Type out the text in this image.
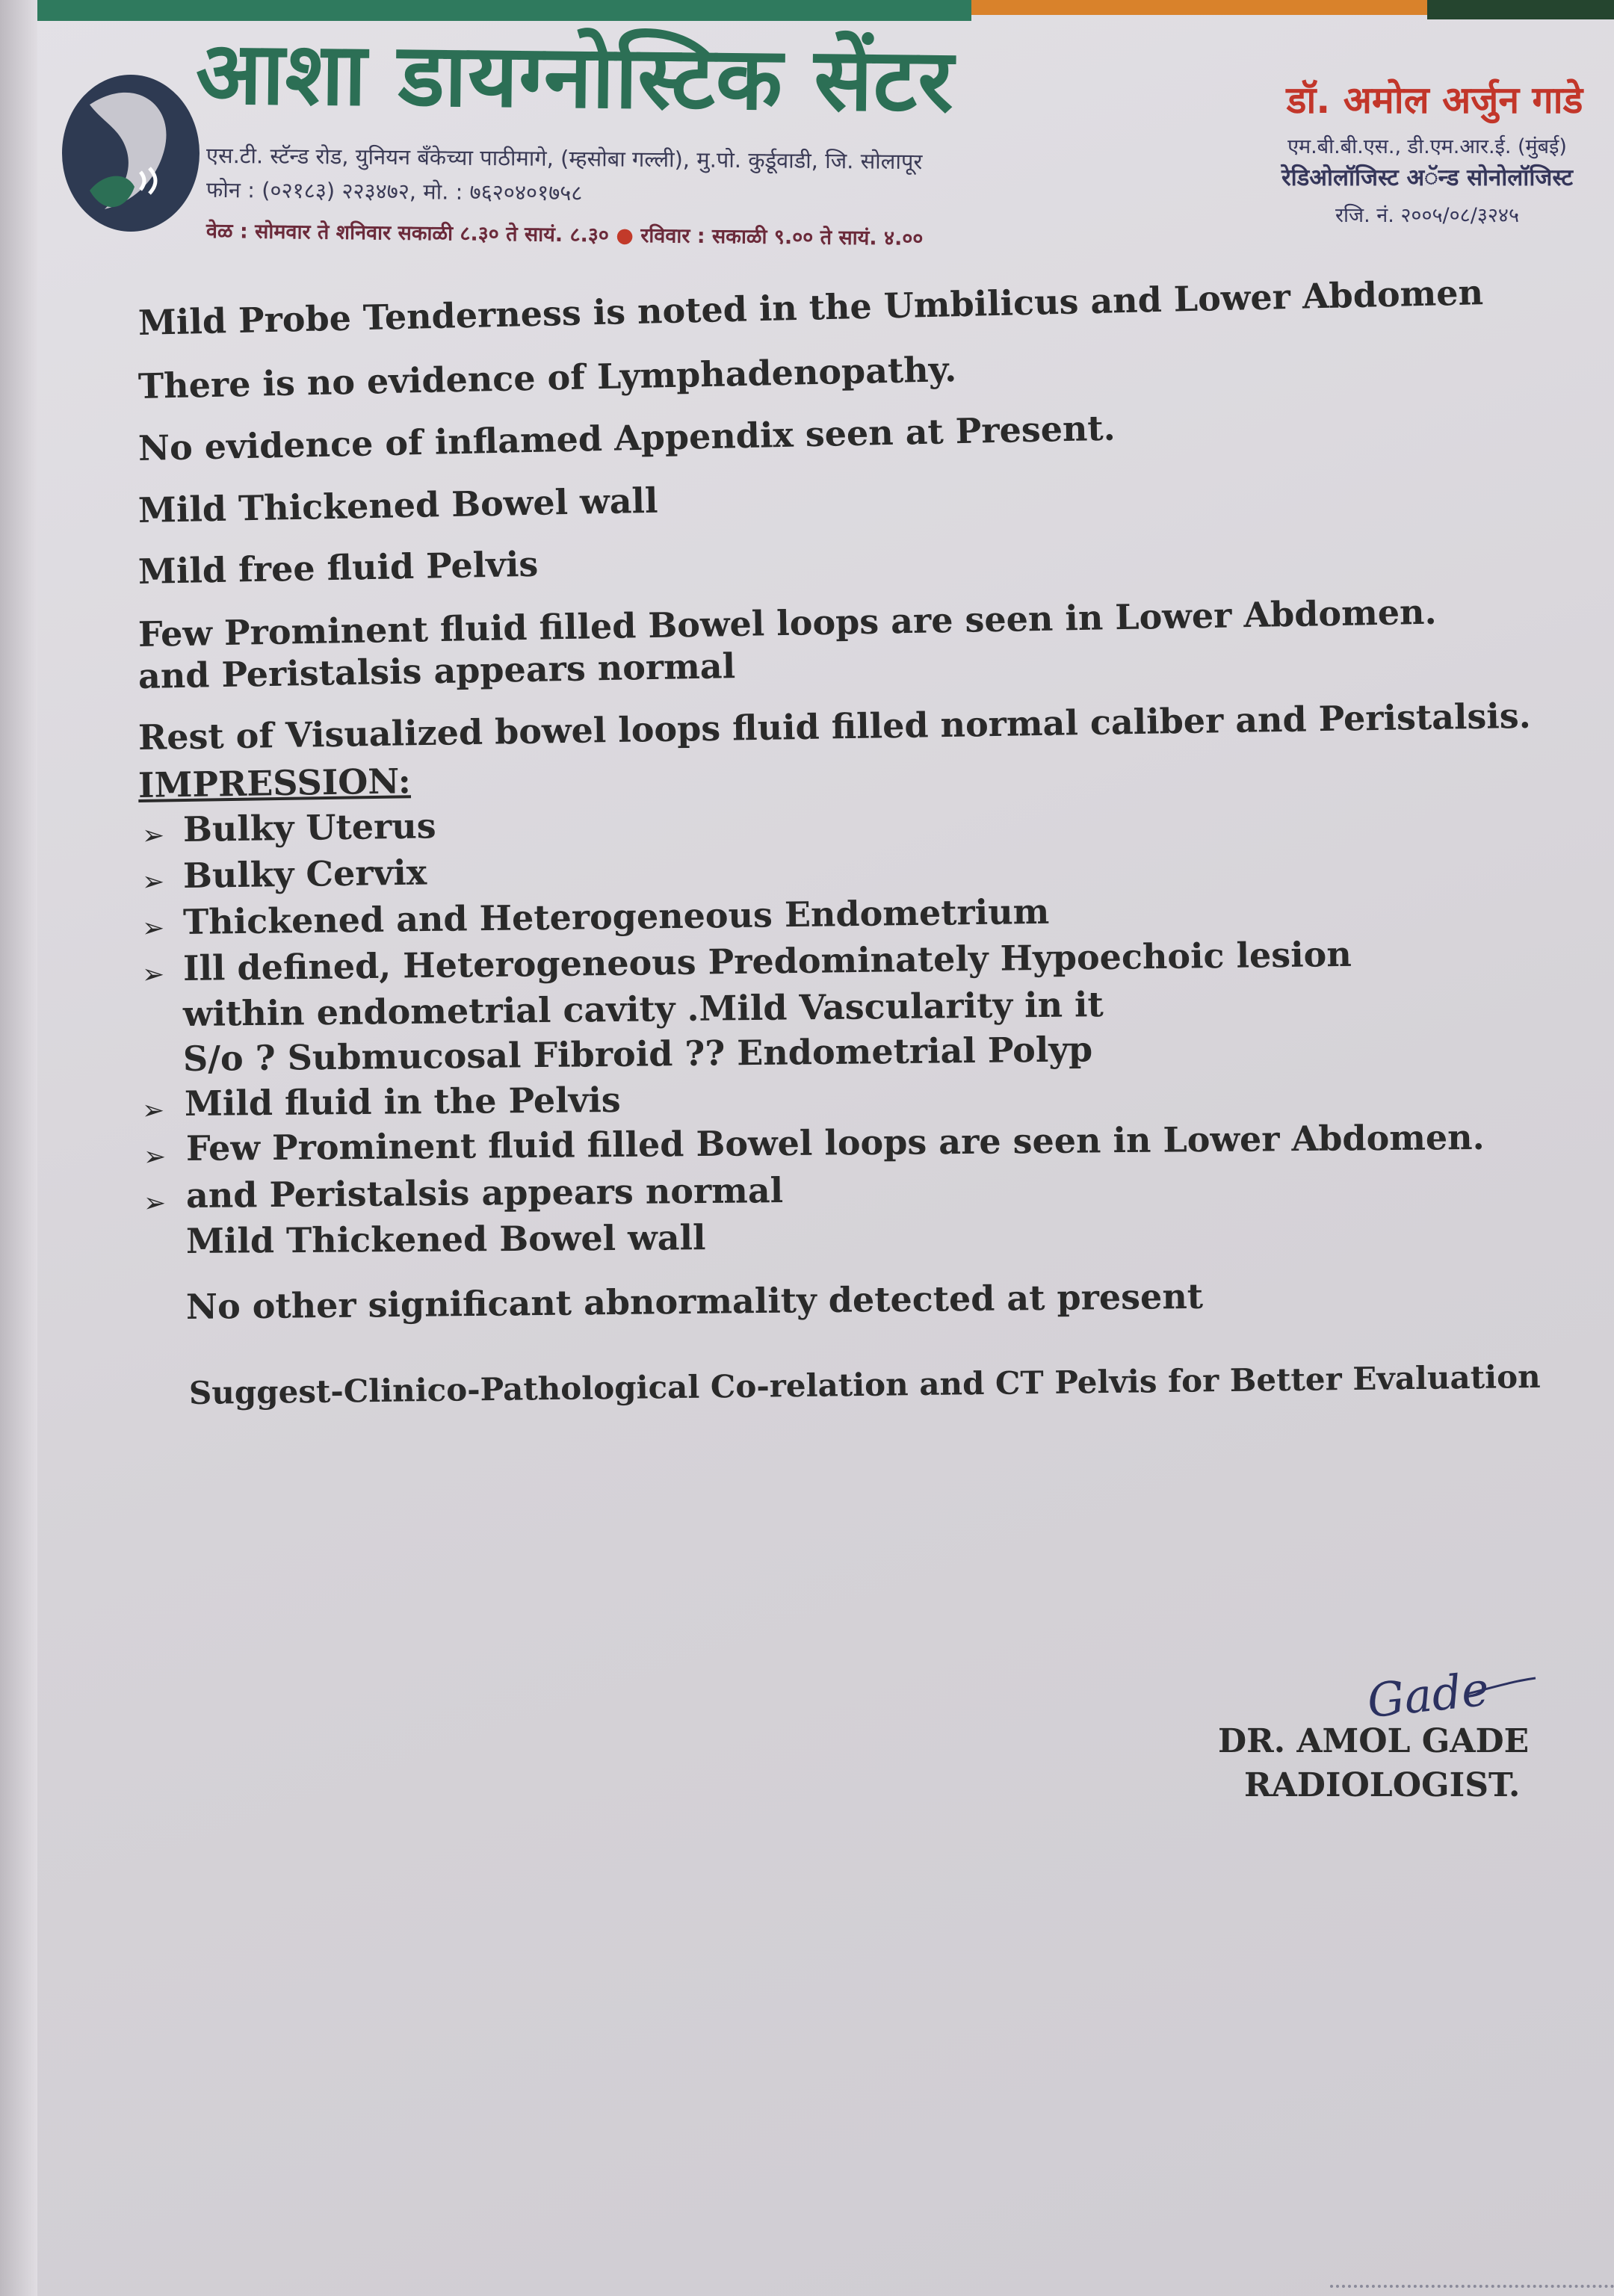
आशा डायग्नोस्टिक सेंटर
एस.टी. स्टॅन्ड रोड, युनियन बँकेच्या पाठीमागे, (म्हसोबा गल्ली), मु.पो. कुर्डूवाडी, जि. सोलापूर
फोन : (०२१८३) २२३४७२, मो. : ७६२०४०१७५८
वेळ : सोमवार ते शनिवार सकाळी ८.३० ते सायं. ८.३० ● रविवार : सकाळी ९.०० ते सायं. ४.००
डॉ. अमोल अर्जुन गाडे
एम.बी.बी.एस., डी.एम.आर.ई. (मुंबई)
रेडिओलॉजिस्ट अॅन्ड सोनोलॉजिस्ट
रजि. नं. २००५/०८/३२४५
Mild Probe Tenderness is noted in the Umbilicus and Lower Abdomen
There is no evidence of Lymphadenopathy.
No evidence of inflamed Appendix seen at Present.
Mild Thickened Bowel wall
Mild free fluid Pelvis
Few Prominent fluid filled Bowel loops are seen in Lower Abdomen.
and Peristalsis appears normal
Rest of Visualized bowel loops fluid filled normal caliber and Peristalsis.
IMPRESSION:
➢ Bulky Uterus
➢ Bulky Cervix
➢ Thickened and Heterogeneous Endometrium
➢ Ill defined, Heterogeneous Predominately Hypoechoic lesion
within endometrial cavity .Mild Vascularity in it
S/o ? Submucosal Fibroid ?? Endometrial Polyp
➢ Mild fluid in the Pelvis
➢ Few Prominent fluid filled Bowel loops are seen in Lower Abdomen.
➢ and Peristalsis appears normal
Mild Thickened Bowel wall
No other significant abnormality detected at present
Suggest-Clinico-Pathological Co-relation and CT Pelvis for Better Evaluation
Gade
DR. AMOL GADE
RADIOLOGIST.
